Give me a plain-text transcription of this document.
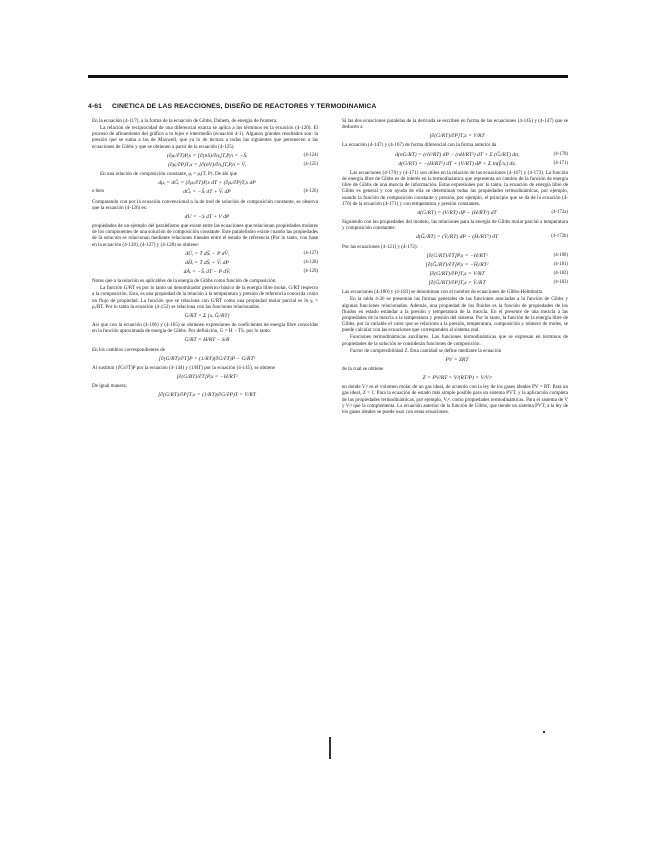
4-61 CINETICA DE LAS REACCIONES, DISEÑO DE REACTORES Y TERMODINAMICA

En la ecuación (4-117), a la forma de la ecuación de Gibbs, Duhem, de energía de frontera.

La relación de reciprocidad de una diferencial exacta se aplica a los términos en la ecuación (4-120). El proceso de afinamiento del gráfico a lo lejos e intermedio (ecuación 4-1). Algunos grandes resultados son: la presión que se suma a las de Maxwell, que ya lo de lectura a todas las siguientes que pertenecen a las ecuaciones de Gibbs y que se obtienen a partir de la ecuación (4-125).

(∂μᵢ/∂T)P,x = [∂(nS)/∂nᵢ]T,P,n = −S̄ᵢ	(4-124)
(∂μᵢ/∂P)T,x = [∂(nV)/∂nᵢ]T,P,n = V̄ᵢ	(4-125)

En una relación de composición constante, μᵢ = μᵢ(T, P). De ahí que

dμᵢ = dḠᵢ = (∂μᵢ/∂T)P,x dT + (∂μᵢ/∂P)T,x dP
o bien	dḠᵢ = −S̄ᵢ dT + V̄ᵢ dP	(4-126)

Comparando con por la ecuación convencional a la de mol de solución de composición constante, se observa que la ecuación (4-126) es:

dU = −S dT + V dP

propiedades de un ejemplo del paralelismo que existe entre las ecuaciones que relacionan propiedades molares de los componentes de una solución de composición constante. Este paralelismo existe cuando las propiedades de la solución se relacionan mediante relaciones lineales entre el estado de referencia (Por lo tanto, con base en la ecuación (4-128), (4-127) y (4-128) se obtiene:

dŪᵢ = T dS̄ᵢ − P dV̄ᵢ	(4-127)
dH̄ᵢ = T dS̄ᵢ + V̄ᵢ dP	(4-128)
dĀᵢ = −S̄ᵢ dT − P dV̄ᵢ	(4-129)

Notes que a la relación es aplicables de la energía de Gibbs como función de composición.

La función G/RT es por lo tanto un denominador genérico básico de la energía libre molar, G/RT respecto a la composición. Esta, es una propiedad de la relación a la temperatura y presión de referencia conocida como un flujo de propiedad. La función que se relaciona con G/RT como una propiedad molar parcial es ln γᵢ = μᵢ/RT. Por lo tanto la ecuación (4-152) se relaciona con las funciones relacionadas.

G/RT = Σ (xᵢ Ḡᵢ/RT)

Así que con la ecuación (4-106) y (4-165) se obtienen expresiones de coeficientes de energía libre conocidas en la función aproximada de energía de Gibbs. Por definición, G = H − TS, por lo tanto:

G/RT = H/RT − S/R

En los cambios correspondientes de

[∂(G/RT)/∂T]P = (1/RT)(∂G/∂T)P − G/RT²

Al sustituir (∂G/∂T)P por la ecuación (4-144) y (1/RT) por la ecuación (4-145), se obtiene

[∂(G/RT)/∂T]P,x = −H/RT²

De igual manera,

[∂(G/RT)/∂P]T,x = (1/RT)(∂G/∂P)T = V/RT

Si las dos ecuaciones paralelas de la derivada se escriben en forma de las ecuaciones (4-145) y (4-147) que se deducen a

[∂(G/RT)/∂P]T,x = V/RT

La ecuación (4-147) y (4-167) de forma diferencial con la forma anterior da

d(nG/RT) = (nV/RT) dP − (nH/RT²) dT + Σ (Ḡᵢ/RT) dnᵢ	(4-170)
d(G/RT) = −(H/RT²) dT + (V/RT) dP + Σ ln(f̂ᵢ/xᵢ) dxᵢ	(4-171)

Las ecuaciones (4-170) y (4-171) son útiles en la relación de las ecuaciones (4-167) y (4-172). La función de energía libre de Gibbs es de interés en la termodinámica que representa un cambio de la función de energía libre de Gibbs de una mezcla de información. Estas expresiones por lo tanto, la ecuación de energía libre de Gibbs es general y con ayuda de ella se determinan todas las propiedades termodinámicas, por ejemplo, usando la función de composición constante y presión, por ejemplo, el principio que se da de la ecuación (4-170) de la ecuación (4-171) y con temperatura y presión constantes.

d(G/RT) = (V/RT) dP − (H/RT²) dT	(4-172a)

Siguiendo con las propiedades del modelo, las relaciones para la energía de Gibbs molar parcial a temperatura y composición constantes:

d(Ḡᵢ/RT) = (V̄ᵢ/RT) dP − (H̄ᵢ/RT²) dT	(4-172b)

Por las ecuaciones (4-121) y (4-172):

[∂(G/RT)/∂T]P,x = −H/RT²	(4-180)
[∂(Ḡᵢ/RT)/∂T]P,x = −H̄ᵢ/RT²	(4-181)
[∂(G/RT)/∂P]T,x = V/RT	(4-182)
[∂(Ḡᵢ/RT)/∂P]T,x = V̄ᵢ/RT	(4-183)

Las ecuaciones (4-180) y (4-183) se denominan con el nombre de ecuaciones de Gibbs-Helmholtz.

En la tabla 4-26 se presentan las formas generales de las funciones asociadas a la función de Gibbs y algunas funciones relacionadas. Además, una propiedad de los fluidos es la función de propiedades de los fluidos en estado estándar a la presión y temperatura de la mezcla. En el presente de una mezcla a las propiedades de la mezcla a la temperatura y presión del sistema. Por lo tanto, la función de la energía libre de Gibbs, por la variable el valor que se relaciona a la presión, temperatura, composición y número de moles, se puede calcular con las ecuaciones que corresponden al sistema real.

Funciones termodinámicas auxiliares. Las funciones termodinámicas que se expresan en términos de propiedades de la solución se consideran funciones de composición.

Factor de compresibilidad Z. Esta cantidad se define mediante la ecuación

PV = ZRT

de la cual se obtiene

Z = PV/RT = V/(RT/P) = V/Vᵢᵍ

en donde Vᵢᵍ es el volumen molar de un gas ideal, de acuerdo con la ley de los gases ideales PV = RT. Para un gas ideal, Z = 1. Para la ecuación de estado más simple posible para un sistema PVT, y la aplicación completa de las propiedades termodinámicas, por ejemplo, Vᵢᵍ, como propiedades termodinámicas. Para el sistema de V y Vᵢᵍ que la complementa. La ecuación anterior de la función de Gibbs, que tiende un sistema PVT, a la ley de los gases ideales se puede usar con estas ecuaciones.
